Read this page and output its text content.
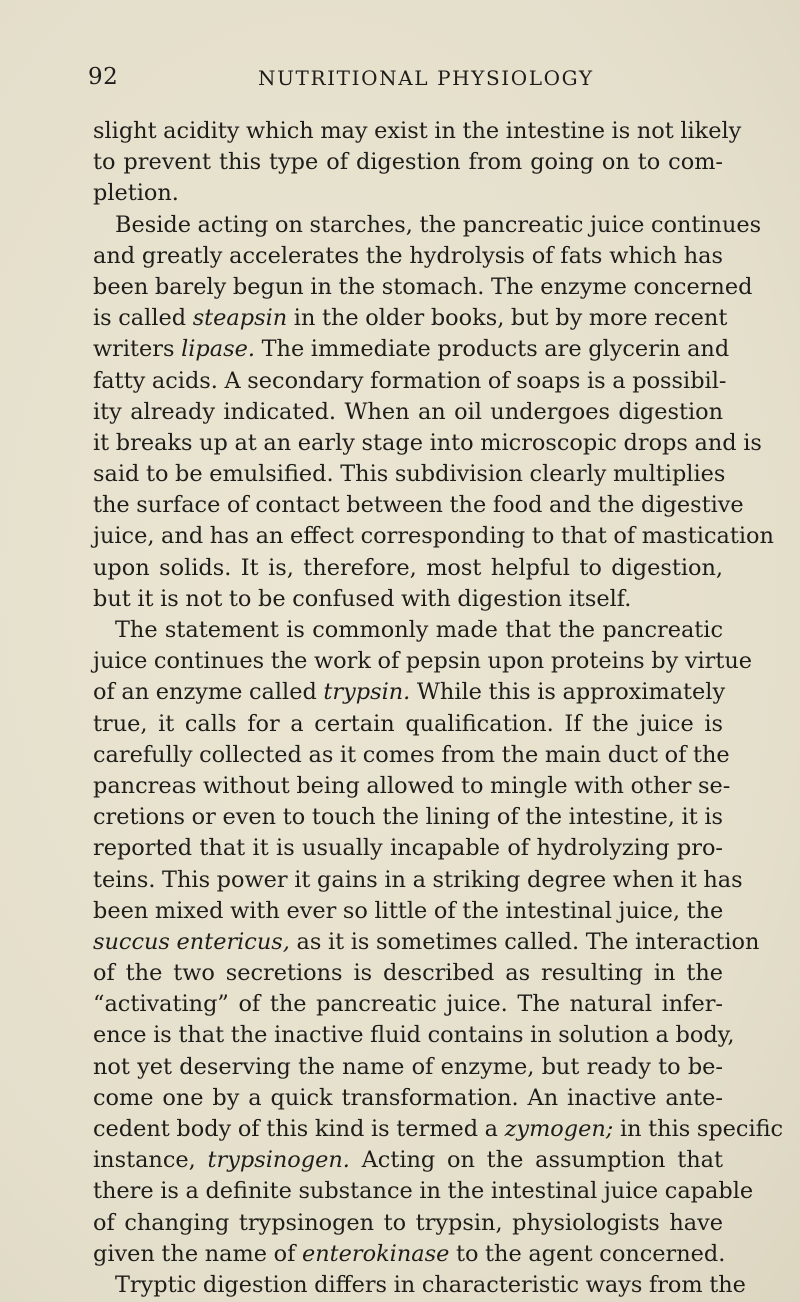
92	NUTRITIONAL PHYSIOLOGY
slight acidity which may exist in the intestine is not likely
to prevent this type of digestion from going on to com-
pletion.
Beside acting on starches, the pancreatic juice continues
and greatly accelerates the hydrolysis of fats which has
been barely begun in the stomach. The enzyme concerned
is called steapsin in the older books, but by more recent
writers lipase. The immediate products are glycerin and
fatty acids. A secondary formation of soaps is a possibil-
ity already indicated. When an oil undergoes digestion
it breaks up at an early stage into microscopic drops and is
said to be emulsified. This subdivision clearly multiplies
the surface of contact between the food and the digestive
juice, and has an effect corresponding to that of mastication
upon solids. It is, therefore, most helpful to digestion,
but it is not to be confused with digestion itself.
The statement is commonly made that the pancreatic
juice continues the work of pepsin upon proteins by virtue
of an enzyme called trypsin. While this is approximately
true, it calls for a certain qualification. If the juice is
carefully collected as it comes from the main duct of the
pancreas without being allowed to mingle with other se-
cretions or even to touch the lining of the intestine, it is
reported that it is usually incapable of hydrolyzing pro-
teins. This power it gains in a striking degree when it has
been mixed with ever so little of the intestinal juice, the
succus entericus, as it is sometimes called. The interaction
of the two secretions is described as resulting in the
“activating” of the pancreatic juice. The natural infer-
ence is that the inactive fluid contains in solution a body,
not yet deserving the name of enzyme, but ready to be-
come one by a quick transformation. An inactive ante-
cedent body of this kind is termed a zymogen; in this specific
instance, trypsinogen. Acting on the assumption that
there is a definite substance in the intestinal juice capable
of changing trypsinogen to trypsin, physiologists have
given the name of enterokinase to the agent concerned.
Tryptic digestion differs in characteristic ways from the
